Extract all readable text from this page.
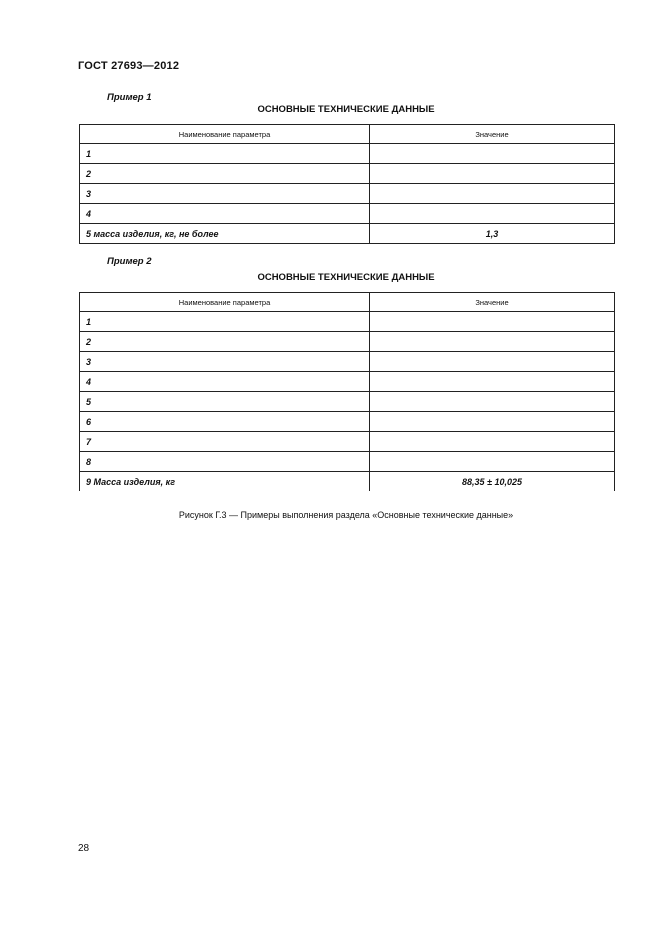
ГОСТ 27693—2012
Пример 1
ОСНОВНЫЕ ТЕХНИЧЕСКИЕ ДАННЫЕ
Наименование параметра	Значение
1	
2	
3	
4	
5 масса изделия, кг, не более	1,3
Пример 2
ОСНОВНЫЕ ТЕХНИЧЕСКИЕ ДАННЫЕ
Наименование параметра	Значение
1	
2	
3	
4	
5	
6	
7	
8	
9 Масса изделия, кг	88,35 ± 10,025
Рисунок Г.3 — Примеры выполнения раздела «Основные технические данные»
28
